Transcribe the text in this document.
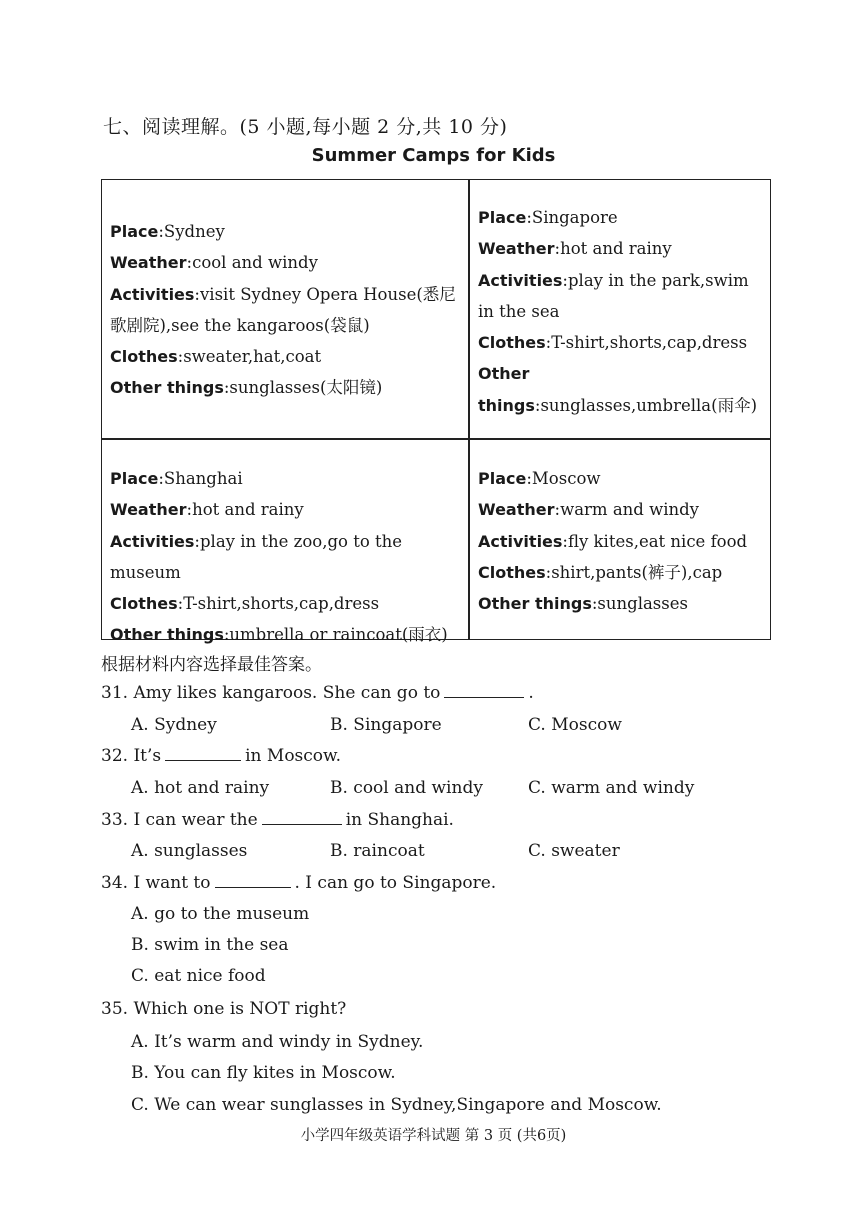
七、阅读理解。(5 小题,每小题 2 分,共 10 分)
Summer Camps for Kids
Place:Sydney
Weather:cool and windy
Activities:visit Sydney Opera House(悉尼歌剧院),see the kangaroos(袋鼠)
Clothes:sweater,hat,coat
Other things:sunglasses(太阳镜)
Place:Singapore
Weather:hot and rainy
Activities:play in the park,swim in the sea
Clothes:T-shirt,shorts,cap,dress
Other things:sunglasses,umbrella(雨伞)
Place:Shanghai
Weather:hot and rainy
Activities:play in the zoo,go to the museum
Clothes:T-shirt,shorts,cap,dress
Other things:umbrella or raincoat(雨衣)
Place:Moscow
Weather:warm and windy
Activities:fly kites,eat nice food
Clothes:shirt,pants(裤子),cap
Other things:sunglasses
根据材料内容选择最佳答案。
31. Amy likes kangaroos. She can go to	.
A. Sydney	B. Singapore	C. Moscow
32. It’s	in Moscow.
A. hot and rainy	B. cool and windy	C. warm and windy
33. I can wear the	in Shanghai.
A. sunglasses	B. raincoat	C. sweater
34. I want to	. I can go to Singapore.
A. go to the museum
B. swim in the sea
C. eat nice food
35. Which one is NOT right?
A. It’s warm and windy in Sydney.
B. You can fly kites in Moscow.
C. We can wear sunglasses in Sydney,Singapore and Moscow.
小学四年级英语学科试题 第 3 页 (共6页)
